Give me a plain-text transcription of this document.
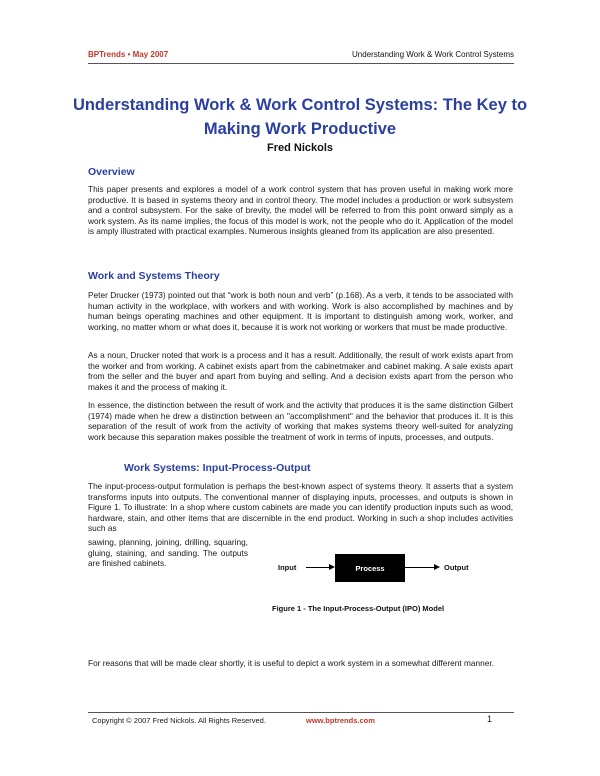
BPTrends • May 2007	Understanding Work & Work Control Systems
Understanding Work & Work Control Systems: The Key to Making Work Productive
Fred Nickols
Overview
This paper presents and explores a model of a work control system that has proven useful in making work more productive. It is based in systems theory and in control theory. The model includes a production or work subsystem and a control subsystem. For the sake of brevity, the model will be referred to from this point onward simply as a work system. As its name implies, the focus of this model is work, not the people who do it. Application of the model is amply illustrated with practical examples. Numerous insights gleaned from its application are also presented.
Work and Systems Theory
Peter Drucker (1973) pointed out that “work is both noun and verb” (p.168). As a verb, it tends to be associated with human activity in the workplace, with workers and with working. Work is also accomplished by machines and by human beings operating machines and other equipment. It is important to distinguish among work, worker, and working, no matter whom or what does it, because it is work not working or workers that must be made productive.
As a noun, Drucker noted that work is a process and it has a result. Additionally, the result of work exists apart from the worker and from working. A cabinet exists apart from the cabinetmaker and cabinet making. A sale exists apart from the seller and the buyer and apart from buying and selling. And a decision exists apart from the person who makes it and the process of making it.
In essence, the distinction between the result of work and the activity that produces it is the same distinction Gilbert (1974) made when he drew a distinction between an "accomplishment" and the behavior that produces it. It is this separation of the result of work from the activity of working that makes systems theory well-suited for analyzing work because this separation makes possible the treatment of work in terms of inputs, processes, and outputs.
Work Systems: Input-Process-Output
The input-process-output formulation is perhaps the best-known aspect of systems theory. It asserts that a system transforms inputs into outputs. The conventional manner of displaying inputs, processes, and outputs is shown in Figure 1. To illustrate: In a shop where custom cabinets are made you can identify production inputs such as wood, hardware, stain, and other items that are discernible in the end product. Working in such a shop includes activities such as
sawing, planning, joining, drilling, squaring, gluing, staining, and sanding. The outputs are finished cabinets.	Input	Process	Output
Figure 1 - The Input-Process-Output (IPO) Model
For reasons that will be made clear shortly, it is useful to depict a work system in a somewhat different manner.
Copyright © 2007 Fred Nickols. All Rights Reserved.	www.bptrends.com	1
